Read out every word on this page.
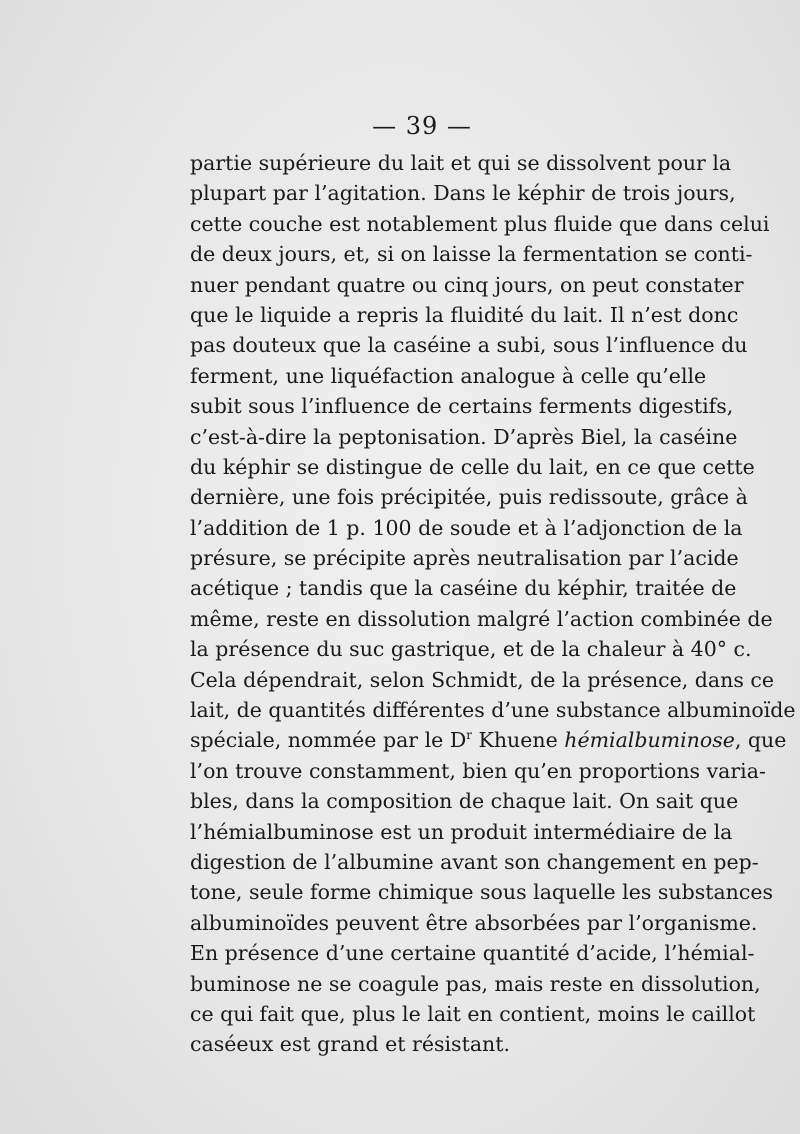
— 39 —
partie supérieure du lait et qui se dissolvent pour la
plupart par l’agitation. Dans le képhir de trois jours,
cette couche est notablement plus fluide que dans celui
de deux jours, et, si on laisse la fermentation se conti-
nuer pendant quatre ou cinq jours, on peut constater
que le liquide a repris la fluidité du lait. Il n’est donc
pas douteux que la caséine a subi, sous l’influence du
ferment, une liquéfaction analogue à celle qu’elle
subit sous l’influence de certains ferments digestifs,
c’est-à-dire la peptonisation. D’après Biel, la caséine
du képhir se distingue de celle du lait, en ce que cette
dernière, une fois précipitée, puis redissoute, grâce à
l’addition de 1 p. 100 de soude et à l’adjonction de la
présure, se précipite après neutralisation par l’acide
acétique ; tandis que la caséine du képhir, traitée de
même, reste en dissolution malgré l’action combinée de
la présence du suc gastrique, et de la chaleur à 40° c.
Cela dépendrait, selon Schmidt, de la présence, dans ce
lait, de quantités différentes d’une substance albuminoïde
spéciale, nommée par le $D^r$ Khuene hémialbuminose, que
l’on trouve constamment, bien qu’en proportions varia-
bles, dans la composition de chaque lait. On sait que
l’hémialbuminose est un produit intermédiaire de la
digestion de l’albumine avant son changement en pep-
tone, seule forme chimique sous laquelle les substances
albuminoïdes peuvent être absorbées par l’organisme.
En présence d’une certaine quantité d’acide, l’hémial-
buminose ne se coagule pas, mais reste en dissolution,
ce qui fait que, plus le lait en contient, moins le caillot
caséeux est grand et résistant.
